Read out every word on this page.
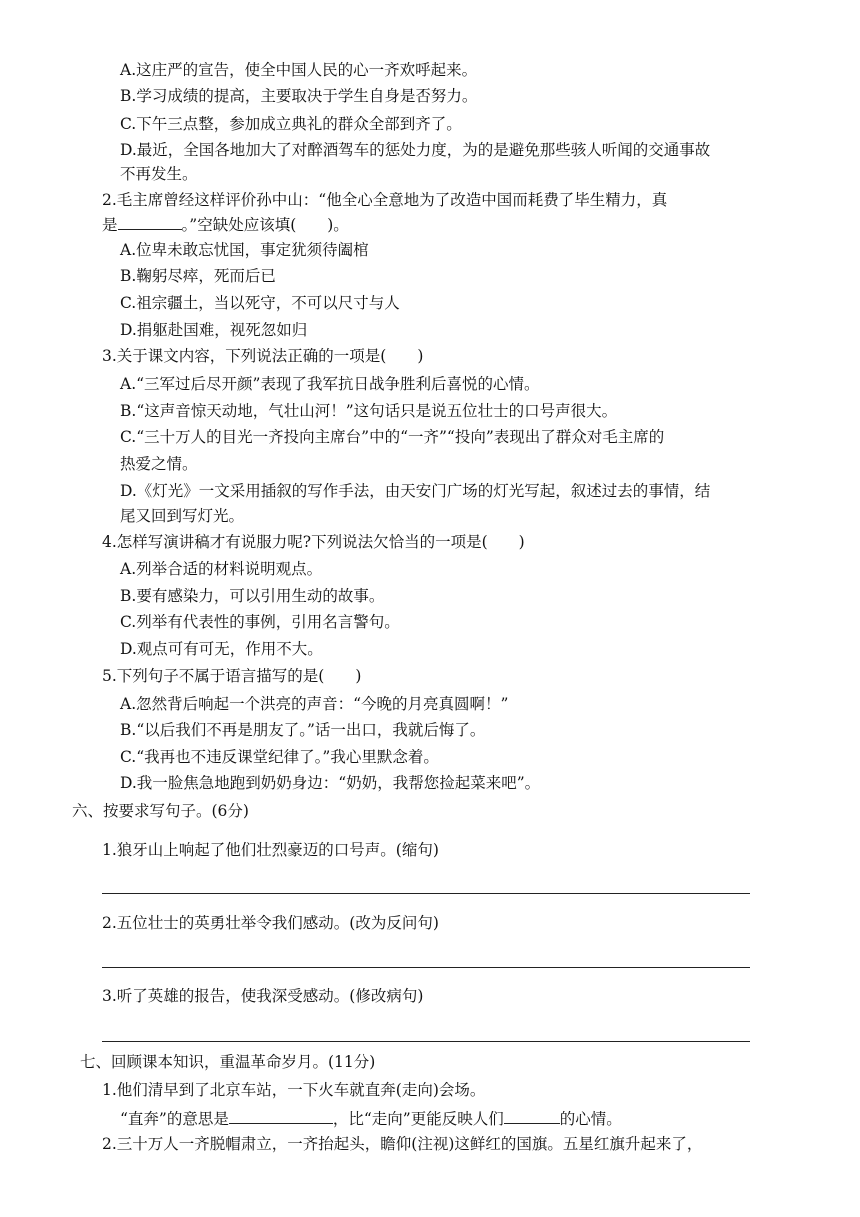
A.这庄严的宣告，使全中国人民的心一齐欢呼起来。
B.学习成绩的提高，主要取决于学生自身是否努力。
C.下午三点整，参加成立典礼的群众全部到齐了。
D.最近，全国各地加大了对醉酒驾车的惩处力度，为的是避免那些骇人听闻的交通事故
不再发生。
2.毛主席曾经这样评价孙中山：“他全心全意地为了改造中国而耗费了毕生精力，真
是	。”空缺处应该填(　　)。
A.位卑未敢忘忧国，事定犹须待阖棺
B.鞠躬尽瘁，死而后已
C.祖宗疆土，当以死守，不可以尺寸与人
D.捐躯赴国难，视死忽如归
3.关于课文内容，下列说法正确的一项是(　　)
A.“三军过后尽开颜”表现了我军抗日战争胜利后喜悦的心情。
B.“这声音惊天动地，气壮山河！”这句话只是说五位壮士的口号声很大。
C.“三十万人的目光一齐投向主席台”中的“一齐”“投向”表现出了群众对毛主席的
热爱之情。
D.《灯光》一文采用插叙的写作手法，由天安门广场的灯光写起，叙述过去的事情，结
尾又回到写灯光。
4.怎样写演讲稿才有说服力呢?下列说法欠恰当的一项是(　　)
A.列举合适的材料说明观点。
B.要有感染力，可以引用生动的故事。
C.列举有代表性的事例，引用名言警句。
D.观点可有可无，作用不大。
5.下列句子不属于语言描写的是(　　)
A.忽然背后响起一个洪亮的声音：“今晚的月亮真圆啊！”
B.“以后我们不再是朋友了。”话一出口，我就后悔了。
C.“我再也不违反课堂纪律了。”我心里默念着。
D.我一脸焦急地跑到奶奶身边：“奶奶，我帮您捡起菜来吧”。
六、按要求写句子。(6分)
1.狼牙山上响起了他们壮烈豪迈的口号声。(缩句)
2.五位壮士的英勇壮举令我们感动。(改为反问句)
3.听了英雄的报告，使我深受感动。(修改病句)
七、回顾课本知识，重温革命岁月。(11分)
1.他们清早到了北京车站，一下火车就直奔(走向)会场。
“直奔”的意思是	，比“走向”更能反映人们	的心情。
2.三十万人一齐脱帽肃立，一齐抬起头，瞻仰(注视)这鲜红的国旗。五星红旗升起来了，
